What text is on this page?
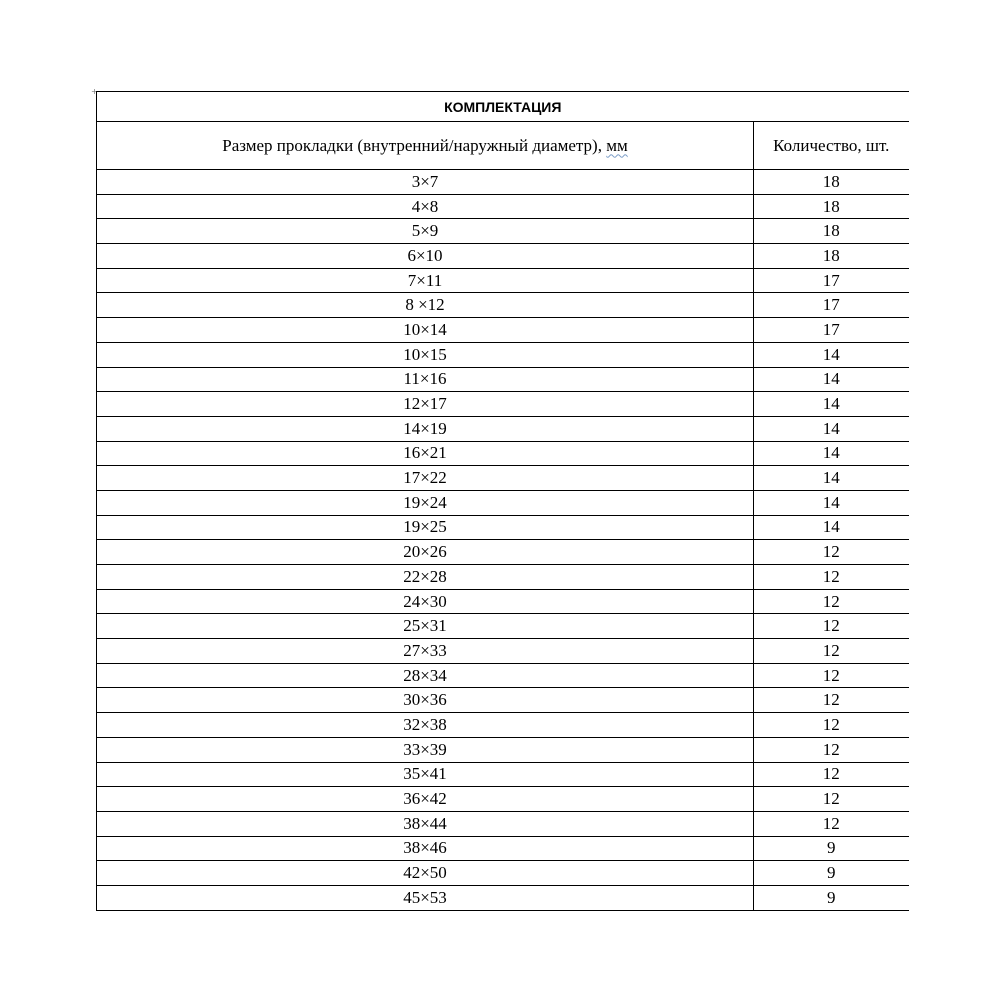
+
КОМПЛЕКТАЦИЯ	
Размер прокладки (внутренний/наружный диаметр), мм	Количество, шт.

3×7	18
4×8	18
5×9	18
6×10	18
7×11	17
8 ×12	17
10×14	17
10×15	14
11×16	14
12×17	14
14×19	14
16×21	14
17×22	14
19×24	14
19×25	14
20×26	12
22×28	12
24×30	12
25×31	12
27×33	12
28×34	12
30×36	12
32×38	12
33×39	12
35×41	12
36×42	12
38×44	12
38×46	9
42×50	9
45×53	9
